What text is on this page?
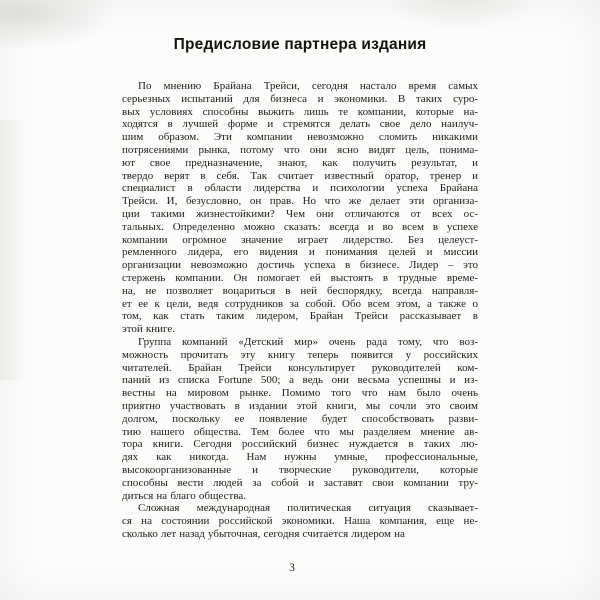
Предисловие партнера издания
По мнению Брайана Трейси, сегодня настало время самых
серьезных испытаний для бизнеса и экономики. В таких суро-
вых условиях способны выжить лишь те компании, которые на-
ходятся в лучшей форме и стремятся делать свое дело наилуч-
шим образом. Эти компании невозможно сломить никакими
потрясениями рынка, потому что они ясно видят цель, понима-
ют свое предназначение, знают, как получить результат, и
твердо верят в себя. Так считает известный оратор, тренер и
специалист в области лидерства и психологии успеха Брайана
Трейси. И, безусловно, он прав. Но что же делает эти организа-
ции такими жизнестойкими? Чем они отличаются от всех ос-
тальных. Определенно можно сказать: всегда и во всем в успехе
компании огромное значение играет лидерство. Без целеуст-
ремленного лидера, его видения и понимания целей и миссии
организации невозможно достичь успеха в бизнесе. Лидер – это
стержень компании. Он помогает ей выстоять в трудные време-
на, не позволяет воцариться в ней беспорядку, всегда направля-
ет ее к цели, ведя сотрудников за собой. Обо всем этом, а также о
том, как стать таким лидером, Брайан Трейси рассказывает в
этой книге.
Группа компаний «Детский мир» очень рада тому, что воз-
можность прочитать эту книгу теперь появится у российских
читателей. Брайан Трейси консультирует руководителей ком-
паний из списка Fortune 500; а ведь они весьма успешны и из-
вестны на мировом рынке. Помимо того что нам было очень
приятно участвовать в издании этой книги, мы сочли это своим
долгом, поскольку ее появление будет способствовать разви-
тию нашего общества. Тем более что мы разделяем мнение ав-
тора книги. Сегодня российский бизнес нуждается в таких лю-
дях как никогда. Нам нужны умные, профессиональные,
высокоорганизованные и творческие руководители, которые
способны вести людей за собой и заставят свои компании тру-
диться на благо общества.
Сложная международная политическая ситуация сказывает-
ся на состоянии российской экономики. Наша компания, еще не-
сколько лет назад убыточная, сегодня считается лидером на
3
